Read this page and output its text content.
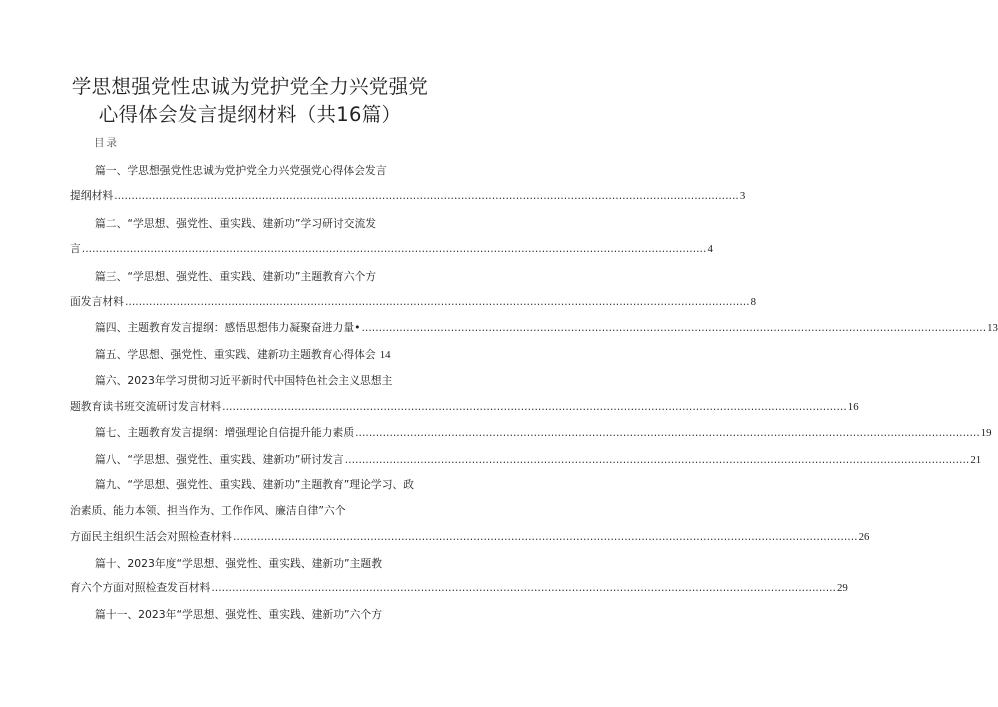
学思想强党性忠诚为党护党全力兴党强党
心得体会发言提纲材料（共16篇）
目录
篇一、学思想强党性忠诚为党护党全力兴党强党心得体会发言
提纲材料 ...................................................................................................................................................................................... 3
篇二、“学思想、强党性、重实践、建新功”学习研讨交流发
言 ...................................................................................................................................................................................... 4
篇三、“学思想、强党性、重实践、建新功”主题教育六个方
面发言材料 ...................................................................................................................................................................................... 8
篇四、主题教育发言提纲：感悟思想伟力凝聚奋进力量• ...................................................................................................................................................................................... 13
篇五、学思想、强党性、重实践、建新功主题教育心得体会 14
篇六、2023年学习贯彻习近平新时代中国特色社会主义思想主
题教育读书班交流研讨发言材料 ...................................................................................................................................................................................... 16
篇七、主题教育发言提纲：增强理论自信提升能力素质 ...................................................................................................................................................................................... 19
篇八、“学思想、强党性、重实践、建新功”研讨发言 ...................................................................................................................................................................................... 21
篇九、“学思想、强党性、重实践、建新功”主题教育”理论学习、政
治素质、能力本领、担当作为、工作作风、廉洁自律”六个
方面民主组织生活会对照检查材料 ...................................................................................................................................................................................... 26
篇十、2023年度“学思想、强党性、重实践、建新功”主题教
育六个方面对照检查发百材料 ...................................................................................................................................................................................... 29
篇十一、2023年“学思想、强党性、重实践、建新功”六个方
